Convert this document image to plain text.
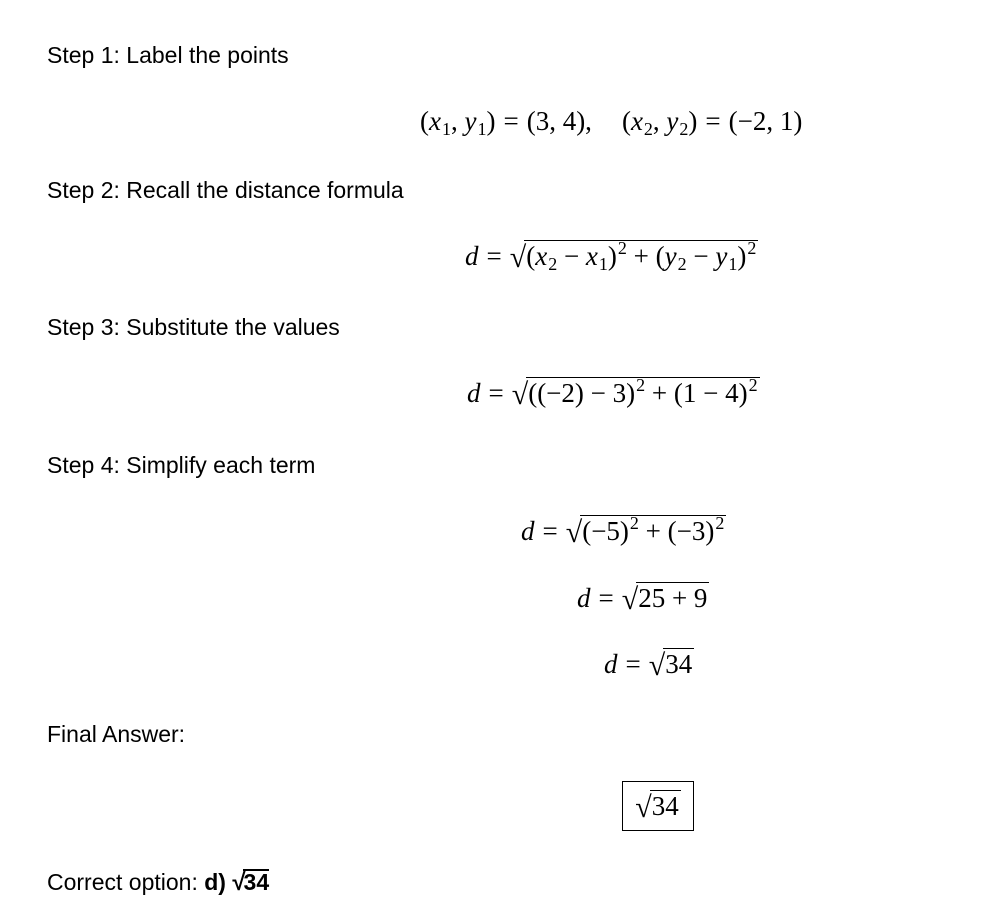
Step 1: Label the points
(x1, y1) = (3, 4), (x2, y2) = (−2, 1)
Step 2: Recall the distance formula
$d = √(x2 - x1)^2 + (y2 - y1)^2$
Step 3: Substitute the values
$d = √((-2) - 3)^2 + (1 - 4)^2$
Step 4: Simplify each term
$d = √(-5)^2 + (-3)^2$
d = √25 + 9
d = √34
Final Answer:
√34
Correct option: d) √34
